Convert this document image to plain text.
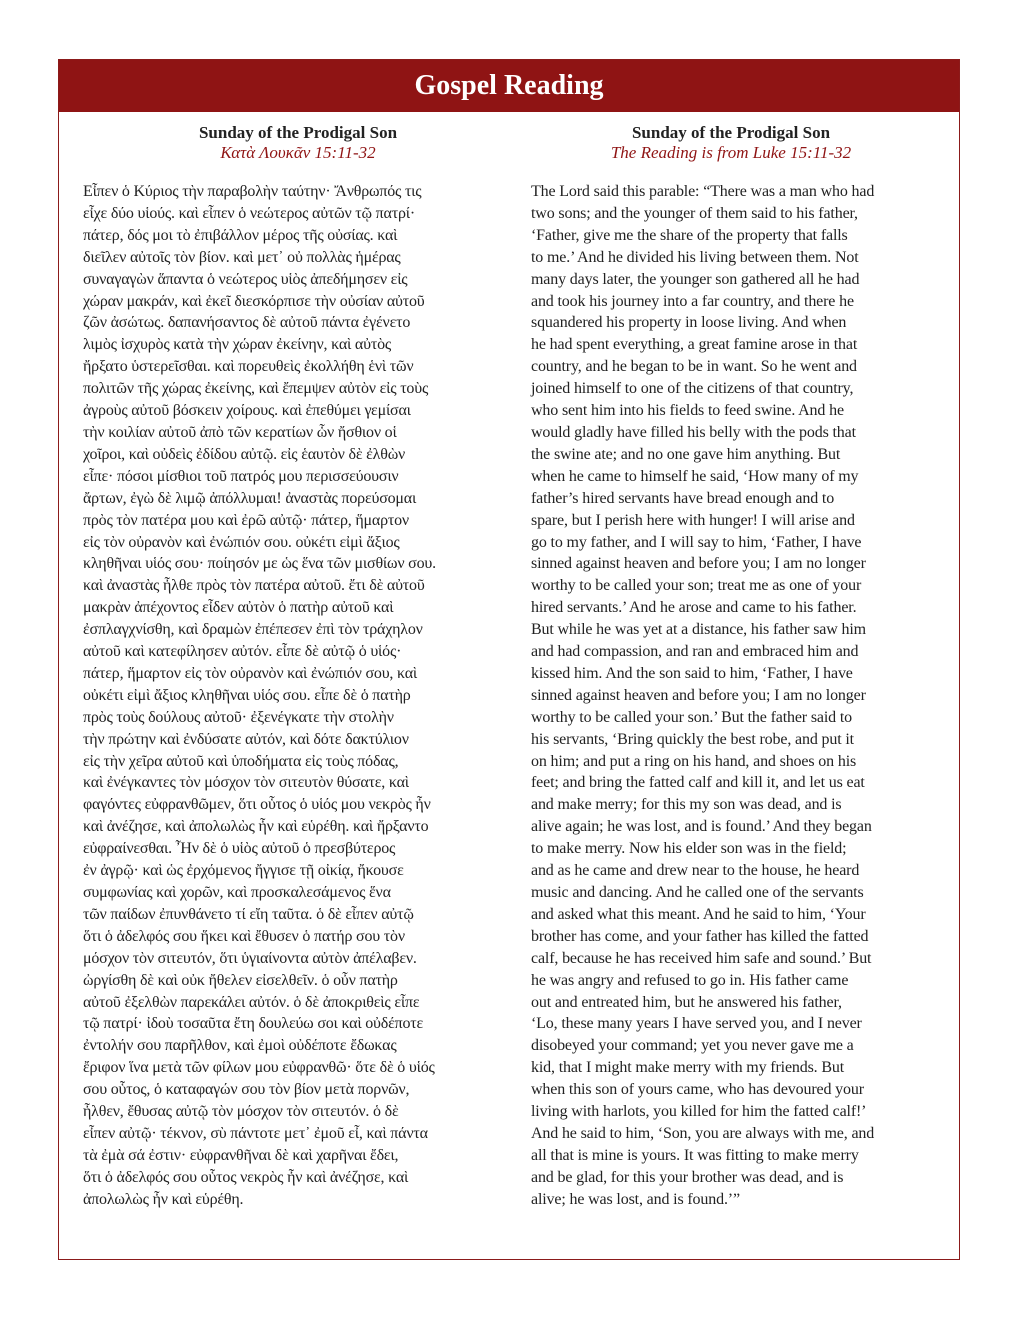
Gospel Reading
Sunday of the Prodigal Son
Κατὰ Λουκᾶν 15:11-32
Εἶπεν ὁ Κύριος τὴν παραβολὴν ταύτην· Ἄνθρωπός τις
εἶχε δύο υἱούς. καὶ εἶπεν ὁ νεώτερος αὐτῶν τῷ πατρί·
πάτερ, δός μοι τὸ ἐπιβάλλον μέρος τῆς οὐσίας. καὶ
διεῖλεν αὐτοῖς τὸν βίον. καὶ μετ᾽ οὐ πολλὰς ἡμέρας
συναγαγὼν ἅπαντα ὁ νεώτερος υἱὸς ἀπεδήμησεν εἰς
χώραν μακράν, καὶ ἐκεῖ διεσκόρπισε τὴν οὐσίαν αὐτοῦ
ζῶν ἀσώτως. δαπανήσαντος δὲ αὐτοῦ πάντα ἐγένετο
λιμὸς ἰσχυρὸς κατὰ τὴν χώραν ἐκείνην, καὶ αὐτὸς
ἤρξατο ὑστερεῖσθαι. καὶ πορευθεὶς ἐκολλήθη ἑνὶ τῶν
πολιτῶν τῆς χώρας ἐκείνης, καὶ ἔπεμψεν αὐτὸν εἰς τοὺς
ἀγροὺς αὐτοῦ βόσκειν χοίρους. καὶ ἐπεθύμει γεμίσαι
τὴν κοιλίαν αὐτοῦ ἀπὸ τῶν κερατίων ὧν ἤσθιον οἱ
χοῖροι, καὶ οὐδεὶς ἐδίδου αὐτῷ. εἰς ἑαυτὸν δὲ ἐλθὼν
εἶπε· πόσοι μίσθιοι τοῦ πατρός μου περισσεύουσιν
ἄρτων, ἐγὼ δὲ λιμῷ ἀπόλλυμαι! ἀναστὰς πορεύσομαι
πρὸς τὸν πατέρα μου καὶ ἐρῶ αὐτῷ· πάτερ, ἥμαρτον
εἰς τὸν οὐρανὸν καὶ ἐνώπιόν σου. οὐκέτι εἰμὶ ἄξιος
κληθῆναι υἱός σου· ποίησόν με ὡς ἕνα τῶν μισθίων σου.
καὶ ἀναστὰς ἦλθε πρὸς τὸν πατέρα αὐτοῦ. ἔτι δὲ αὐτοῦ
μακρὰν ἀπέχοντος εἶδεν αὐτὸν ὁ πατὴρ αὐτοῦ καὶ
ἐσπλαγχνίσθη, καὶ δραμὼν ἐπέπεσεν ἐπὶ τὸν τράχηλον
αὐτοῦ καὶ κατεφίλησεν αὐτόν. εἶπε δὲ αὐτῷ ὁ υἱός·
πάτερ, ἥμαρτον εἰς τὸν οὐρανὸν καὶ ἐνώπιόν σου, καὶ
οὐκέτι εἰμὶ ἄξιος κληθῆναι υἱός σου. εἶπε δὲ ὁ πατὴρ
πρὸς τοὺς δούλους αὐτοῦ· ἐξενέγκατε τὴν στολὴν
τὴν πρώτην καὶ ἐνδύσατε αὐτόν, καὶ δότε δακτύλιον
εἰς τὴν χεῖρα αὐτοῦ καὶ ὑποδήματα εἰς τοὺς πόδας,
καὶ ἐνέγκαντες τὸν μόσχον τὸν σιτευτὸν θύσατε, καὶ
φαγόντες εὐφρανθῶμεν, ὅτι οὗτος ὁ υἱός μου νεκρὸς ἦν
καὶ ἀνέζησε, καὶ ἀπολωλὼς ἦν καὶ εὑρέθη. καὶ ἤρξαντο
εὐφραίνεσθαι. Ἦν δὲ ὁ υἱὸς αὐτοῦ ὁ πρεσβύτερος
ἐν ἀγρῷ· καὶ ὡς ἐρχόμενος ἤγγισε τῇ οἰκίᾳ, ἤκουσε
συμφωνίας καὶ χορῶν, καὶ προσκαλεσάμενος ἕνα
τῶν παίδων ἐπυνθάνετο τί εἴη ταῦτα. ὁ δὲ εἶπεν αὐτῷ
ὅτι ὁ ἀδελφός σου ἥκει καὶ ἔθυσεν ὁ πατήρ σου τὸν
μόσχον τὸν σιτευτόν, ὅτι ὑγιαίνοντα αὐτὸν ἀπέλαβεν.
ὠργίσθη δὲ καὶ οὐκ ἤθελεν εἰσελθεῖν. ὁ οὖν πατὴρ
αὐτοῦ ἐξελθὼν παρεκάλει αὐτόν. ὁ δὲ ἀποκριθεὶς εἶπε
τῷ πατρί· ἰδοὺ τοσαῦτα ἔτη δουλεύω σοι καὶ οὐδέποτε
ἐντολήν σου παρῆλθον, καὶ ἐμοὶ οὐδέποτε ἔδωκας
ἔριφον ἵνα μετὰ τῶν φίλων μου εὐφρανθῶ· ὅτε δὲ ὁ υἱός
σου οὗτος, ὁ καταφαγών σου τὸν βίον μετὰ πορνῶν,
ἦλθεν, ἔθυσας αὐτῷ τὸν μόσχον τὸν σιτευτόν. ὁ δὲ
εἶπεν αὐτῷ· τέκνον, σὺ πάντοτε μετ᾽ ἐμοῦ εἶ, καὶ πάντα
τὰ ἐμὰ σά ἐστιν· εὐφρανθῆναι δὲ καὶ χαρῆναι ἔδει,
ὅτι ὁ ἀδελφός σου οὗτος νεκρὸς ἦν καὶ ἀνέζησε, καὶ
ἀπολωλὼς ἦν καὶ εὑρέθη.
Sunday of the Prodigal Son
The Reading is from Luke 15:11-32
The Lord said this parable: “There was a man who had
two sons; and the younger of them said to his father,
‘Father, give me the share of the property that falls
to me.’ And he divided his living between them. Not
many days later, the younger son gathered all he had
and took his journey into a far country, and there he
squandered his property in loose living. And when
he had spent everything, a great famine arose in that
country, and he began to be in want. So he went and
joined himself to one of the citizens of that country,
who sent him into his fields to feed swine. And he
would gladly have filled his belly with the pods that
the swine ate; and no one gave him anything. But
when he came to himself he said, ‘How many of my
father’s hired servants have bread enough and to
spare, but I perish here with hunger! I will arise and
go to my father, and I will say to him, ‘Father, I have
sinned against heaven and before you; I am no longer
worthy to be called your son; treat me as one of your
hired servants.’ And he arose and came to his father.
But while he was yet at a distance, his father saw him
and had compassion, and ran and embraced him and
kissed him. And the son said to him, ‘Father, I have
sinned against heaven and before you; I am no longer
worthy to be called your son.’ But the father said to
his servants, ‘Bring quickly the best robe, and put it
on him; and put a ring on his hand, and shoes on his
feet; and bring the fatted calf and kill it, and let us eat
and make merry; for this my son was dead, and is
alive again; he was lost, and is found.’ And they began
to make merry. Now his elder son was in the field;
and as he came and drew near to the house, he heard
music and dancing. And he called one of the servants
and asked what this meant. And he said to him, ‘Your
brother has come, and your father has killed the fatted
calf, because he has received him safe and sound.’ But
he was angry and refused to go in. His father came
out and entreated him, but he answered his father,
‘Lo, these many years I have served you, and I never
disobeyed your command; yet you never gave me a
kid, that I might make merry with my friends. But
when this son of yours came, who has devoured your
living with harlots, you killed for him the fatted calf!’
And he said to him, ‘Son, you are always with me, and
all that is mine is yours. It was fitting to make merry
and be glad, for this your brother was dead, and is
alive; he was lost, and is found.’”
